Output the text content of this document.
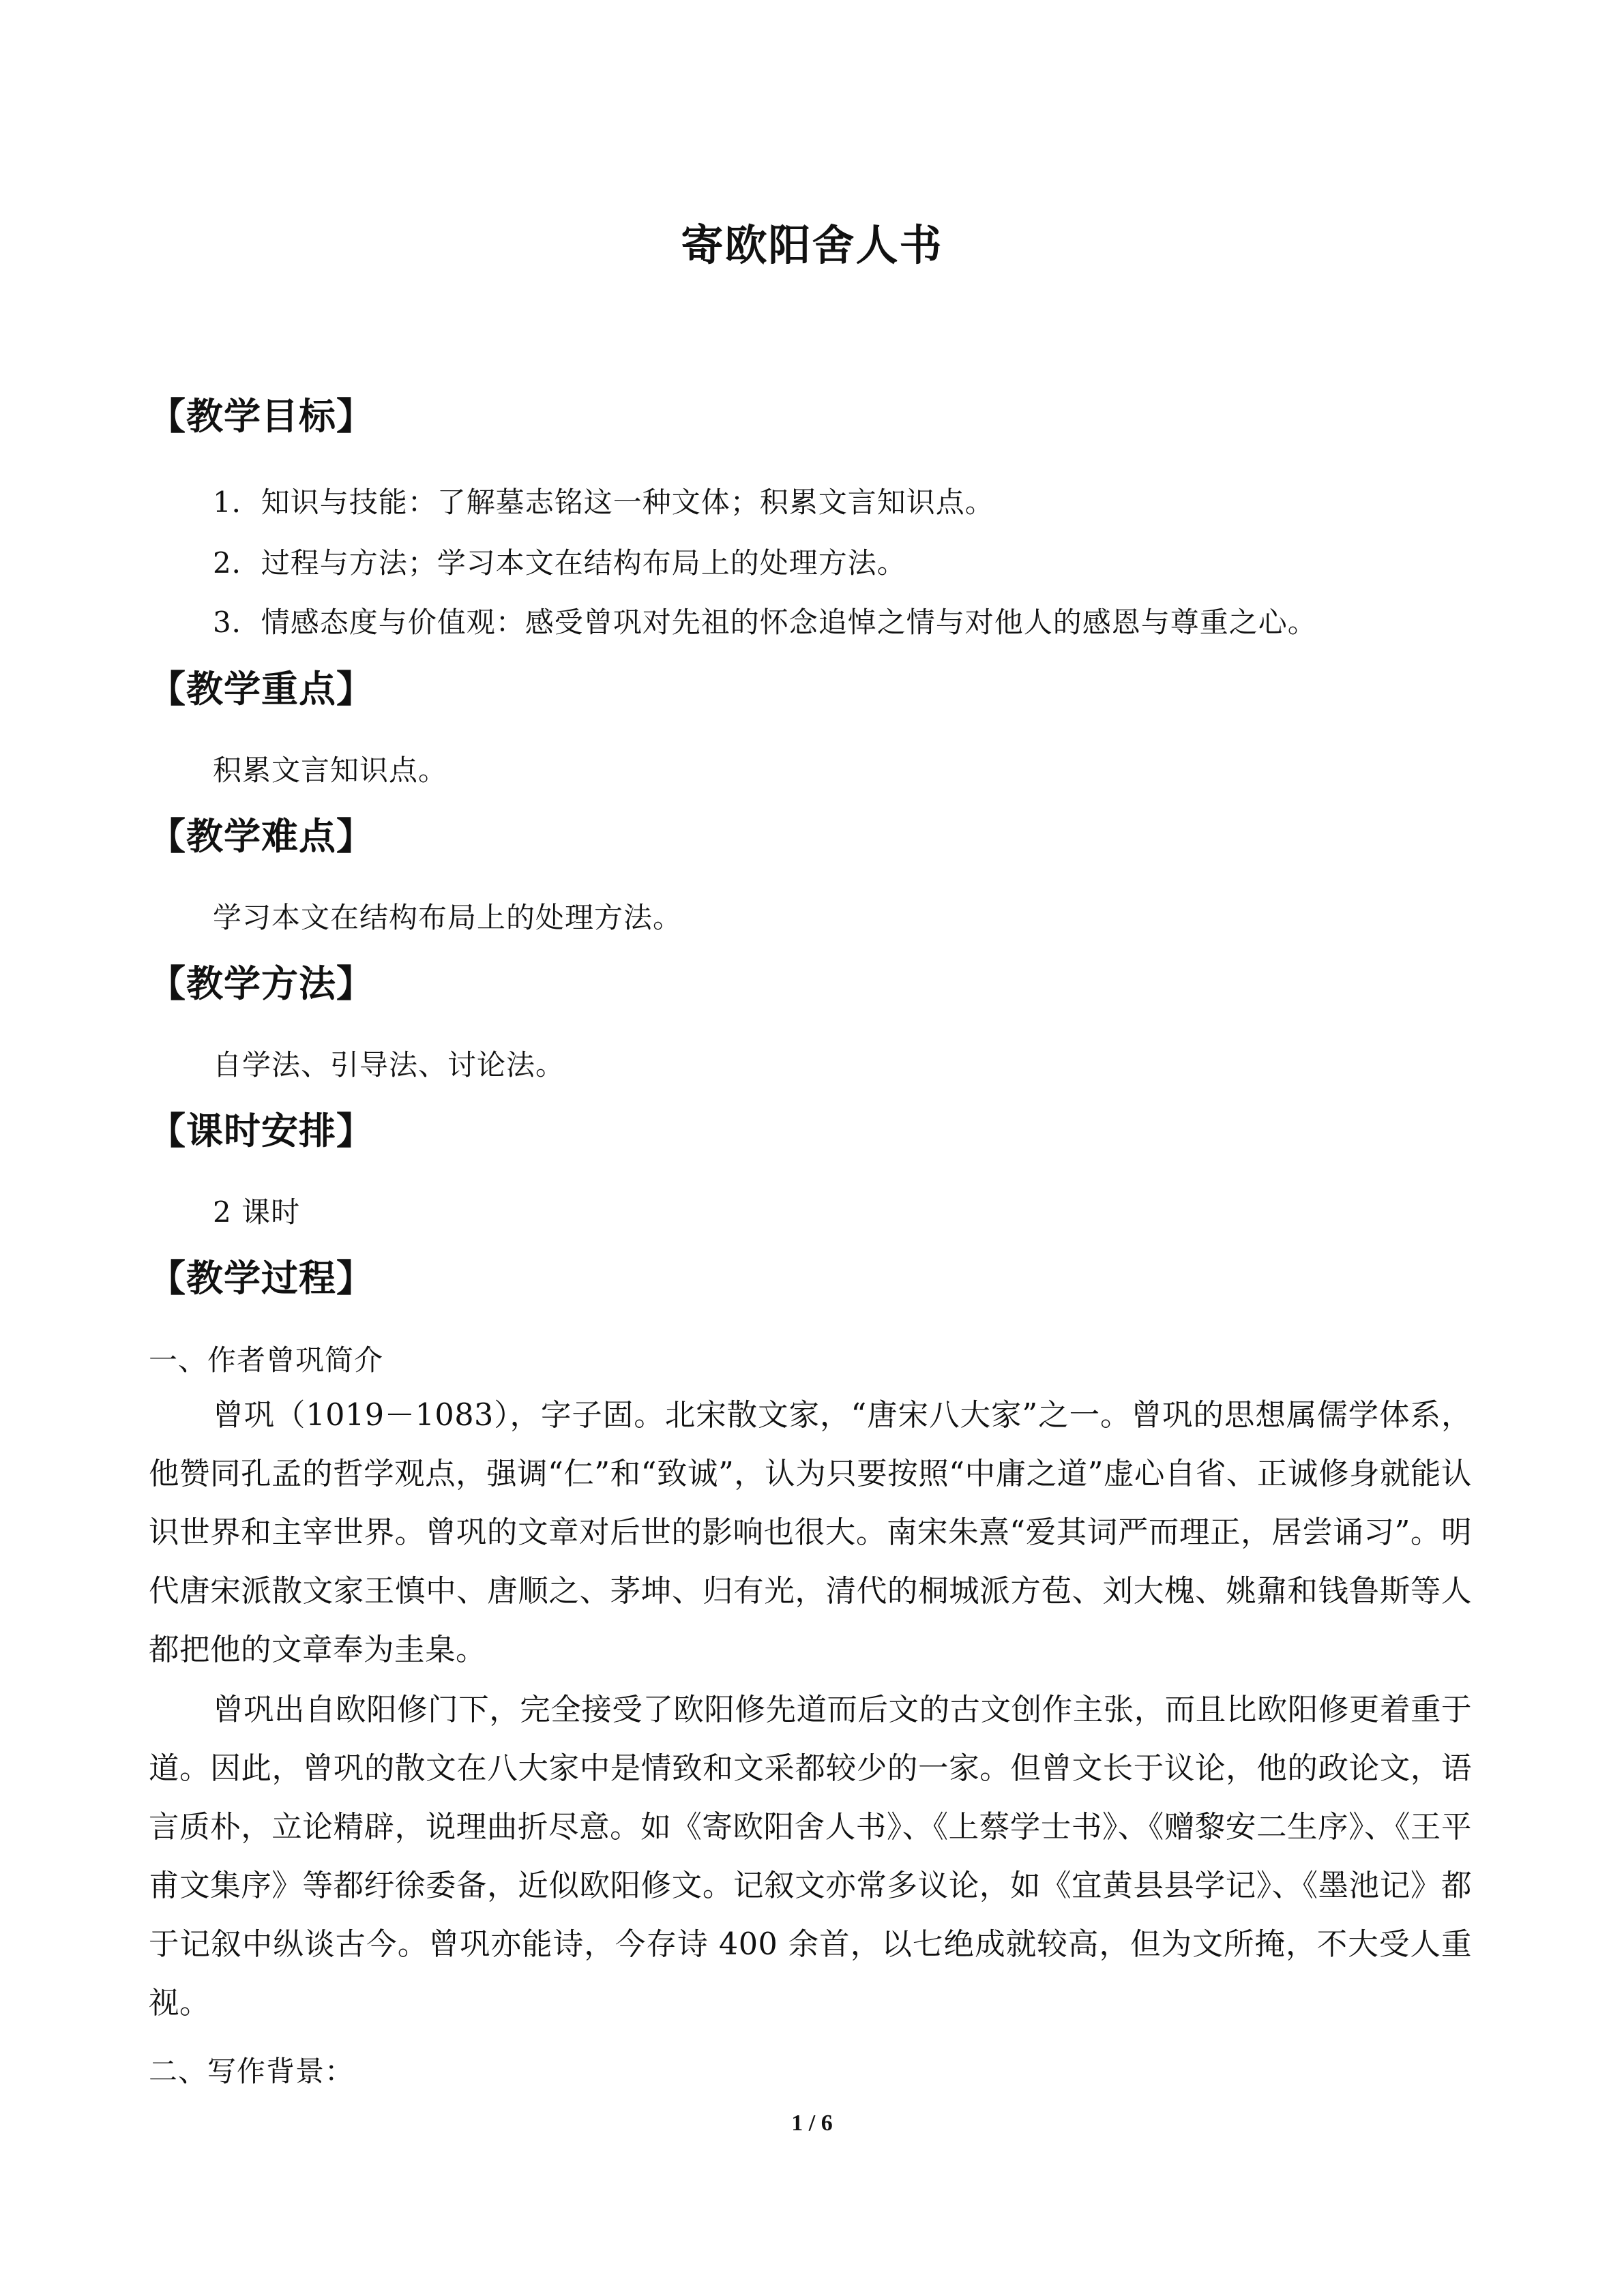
寄欧阳舍人书
【教学目标】
1．知识与技能：了解墓志铭这一种文体；积累文言知识点。
2．过程与方法；学习本文在结构布局上的处理方法。
3．情感态度与价值观：感受曾巩对先祖的怀念追悼之情与对他人的感恩与尊重之心。
【教学重点】
积累文言知识点。
【教学难点】
学习本文在结构布局上的处理方法。
【教学方法】
自学法、引导法、讨论法。
【课时安排】
2 课时
【教学过程】
一、作者曾巩简介
曾巩（1019－1083），字子固。北宋散文家，“唐宋八大家”之一。曾巩的思想属儒学体系，他赞同孔孟的哲学观点，强调“仁”和“致诚”，认为只要按照“中庸之道”虚心自省、正诚修身就能认识世界和主宰世界。曾巩的文章对后世的影响也很大。南宋朱熹“爱其词严而理正，居尝诵习”。明代唐宋派散文家王慎中、唐顺之、茅坤、归有光，清代的桐城派方苞、刘大槐、姚鼐和钱鲁斯等人都把他的文章奉为圭臬。
曾巩出自欧阳修门下，完全接受了欧阳修先道而后文的古文创作主张，而且比欧阳修更着重于道。因此，曾巩的散文在八大家中是情致和文采都较少的一家。但曾文长于议论，他的政论文，语言质朴，立论精辟，说理曲折尽意。如《寄欧阳舍人书》、《上蔡学士书》、《赠黎安二生序》、《王平甫文集序》等都纡徐委备，近似欧阳修文。记叙文亦常多议论，如《宜黄县县学记》、《墨池记》都于记叙中纵谈古今。曾巩亦能诗，今存诗 400 余首，以七绝成就较高，但为文所掩，不大受人重视。
二、写作背景：
1 / 6
